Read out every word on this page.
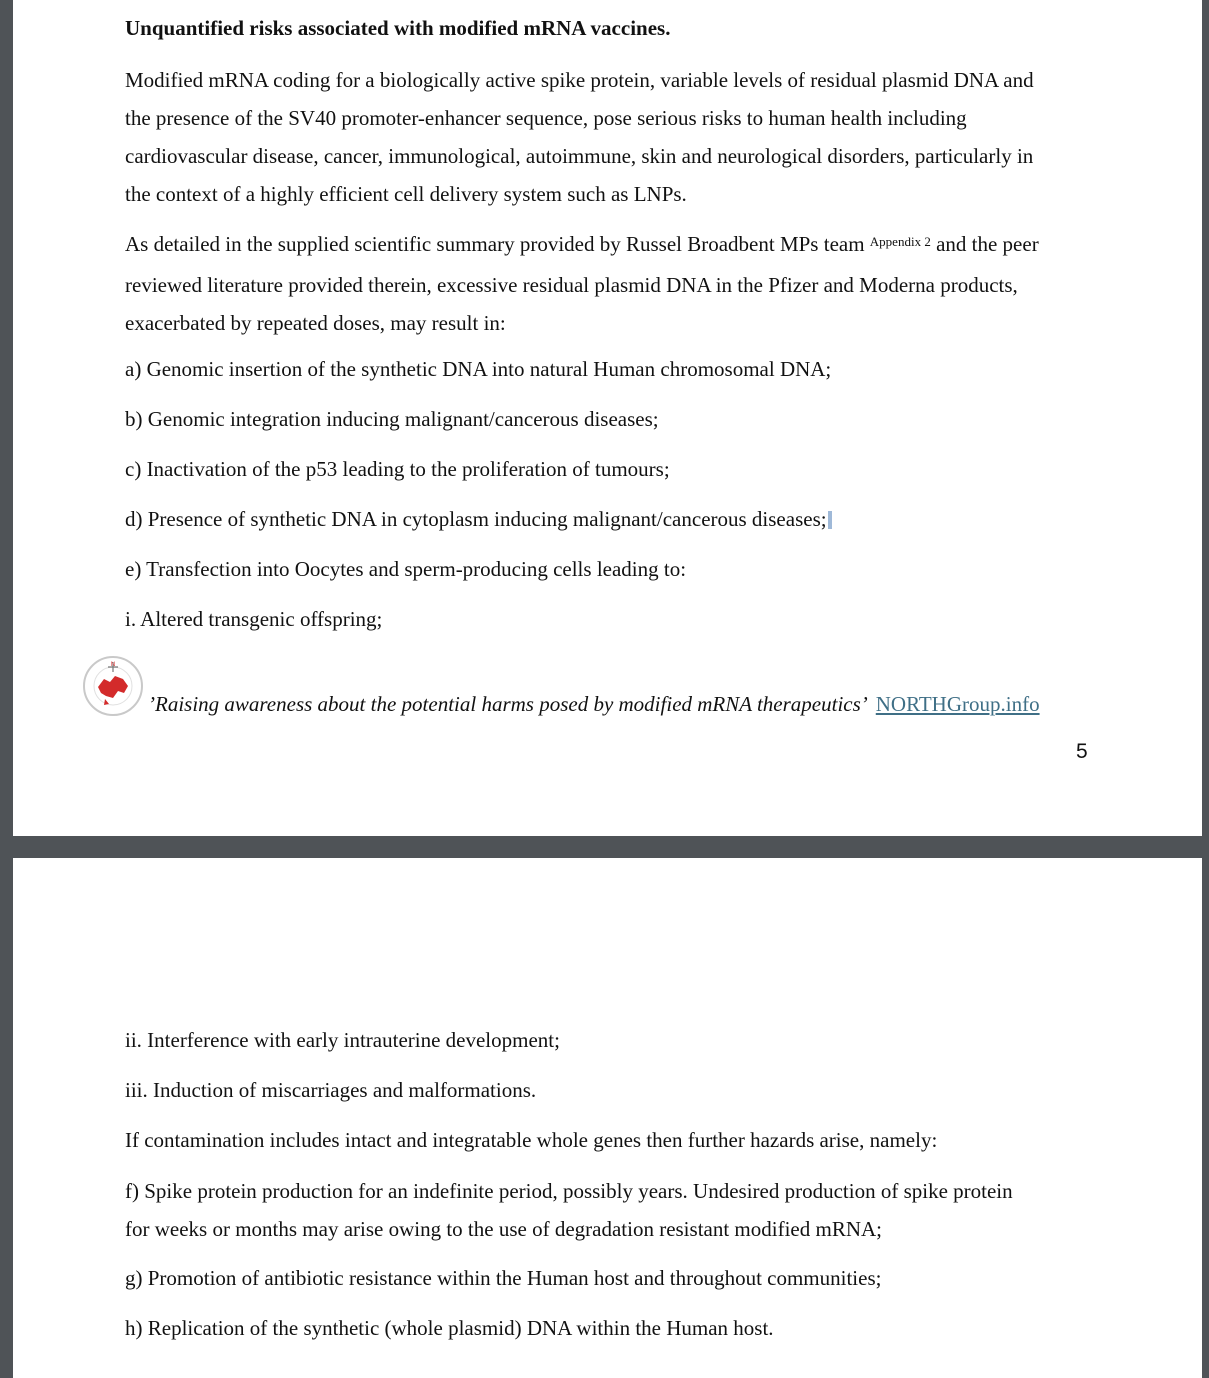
Unquantified risks associated with modified mRNA vaccines.
Modified mRNA coding for a biologically active spike protein, variable levels of residual plasmid DNA and
the presence of the SV40 promoter-enhancer sequence, pose serious risks to human health including
cardiovascular disease, cancer, immunological, autoimmune, skin and neurological disorders, particularly in
the context of a highly efficient cell delivery system such as LNPs.
As detailed in the supplied scientific summary provided by Russel Broadbent MPs team $^{Appendix 2}$ and the peer
reviewed literature provided therein, excessive residual plasmid DNA in the Pfizer and Moderna products,
exacerbated by repeated doses, may result in:
a) Genomic insertion of the synthetic DNA into natural Human chromosomal DNA;
b) Genomic integration inducing malignant/cancerous diseases;
c) Inactivation of the p53 leading to the proliferation of tumours;
d) Presence of synthetic DNA in cytoplasm inducing malignant/cancerous diseases;
e) Transfection into Oocytes and sperm-producing cells leading to:
i. Altered transgenic offspring;
N
’Raising awareness about the potential harms posed by modified mRNA therapeutics’ NORTHGroup.info
5
ii. Interference with early intrauterine development;
iii. Induction of miscarriages and malformations.
If contamination includes intact and integratable whole genes then further hazards arise, namely:
f) Spike protein production for an indefinite period, possibly years. Undesired production of spike protein
for weeks or months may arise owing to the use of degradation resistant modified mRNA;
g) Promotion of antibiotic resistance within the Human host and throughout communities;
h) Replication of the synthetic (whole plasmid) DNA within the Human host.
